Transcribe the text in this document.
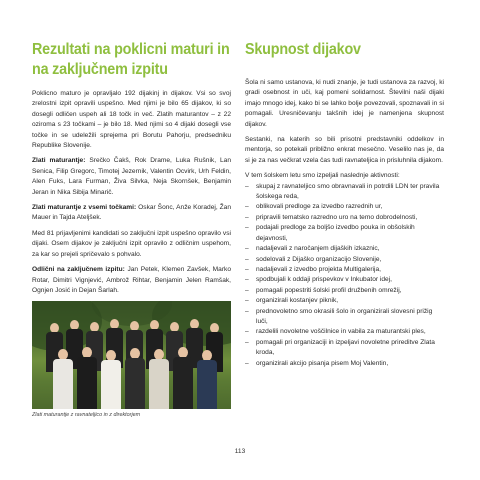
Rezultati na poklicni maturi in na zaključnem izpitu

Poklicno maturo je opravljalo 192 dijakinj in dijakov. Vsi so svoj zrelostni izpit opravili uspešno. Med njimi je bilo 65 dijakov, ki so dosegli odličen uspeh ali 18 točk in več. Zlatih maturantov – z 22 oziroma s 23 točkami – je bilo 18. Med njimi so 4 dijaki dosegli vse točke in se udeležili sprejema pri Borutu Pahorju, predsedniku Republike Slovenije.

Zlati maturantje: Srečko Čakš, Rok Drame, Luka Rušnik, Lan Senica, Filip Gregorc, Timotej Jezernik, Valentin Ocvirk, Urh Feldin, Alen Fuks, Lara Furman, Živa Silvka, Neja Skornšek, Benjamin Jeran in Nika Sibija Minarič.

Zlati maturantje z vsemi točkami: Oskar Šonc, Anže Koradej, Žan Mauer in Tajda Ateljšek.

Med 81 prijavljenimi kandidati so zaključni izpit uspešno opravilo vsi dijaki. Osem dijakov je zaključni izpit opravilo z odličnim uspehom, za kar so prejeli spričevalo s pohvalo.

Odlični na zaključnem izpitu: Jan Petek, Klemen Zavšek, Marko Rotar, Dimitri Vignjević, Ambrož Rihtar, Benjamin Jelen Ramšak, Ognjen Josić in Dejan Šarlah.

Zlati maturantje z ravnateljico in z direktorjem
Skupnost dijakov

Šola ni samo ustanova, ki nudi znanje, je tudi ustanova za razvoj, ki gradi osebnost in uči, kaj pomeni solidarnost. Številni naši dijaki imajo mnogo idej, kako bi se lahko bolje povezovali, spoznavali in si pomagali. Uresničevanju takšnih idej je namenjena skupnost dijakov.

Sestanki, na katerih so bili prisotni predstavniki oddelkov in mentorja, so potekali približno enkrat mesečno. Veselilo nas je, da si je za nas večkrat vzela čas tudi ravnateljica in prisluhnila dijakom.

V tem šolskem letu smo izpeljali naslednje aktivnosti:

– skupaj z ravnateljico smo obravnavali in potrdili LDN ter pravila šolskega reda,
– oblikovali predloge za izvedbo razrednih ur,
– pripravili tematsko razredno uro na temo dobrodelnosti,
– podajali predloge za boljšo izvedbo pouka in obšolskih dejavnosti,
– nadaljevali z naročanjem dijaških izkaznic,
– sodelovali z Dijaško organizacijo Slovenije,
– nadaljevali z izvedbo projekta Multigalerija,
– spodbujali k oddaji prispevkov v Inkubator idej,
– pomagali popestriti šolski profil družbenih omrežij,
– organizirali kostanjev piknik,
– prednovoletno smo okrasili šolo in organizirali slovesni prižig luči,
– razdelili novoletne voščilnice in vabila za maturantski ples,
– pomagali pri organizaciji in izpeljavi novoletne prireditve Zlata kroda,
– organizirali akcijo pisanja pisem Moj Valentin,
113
